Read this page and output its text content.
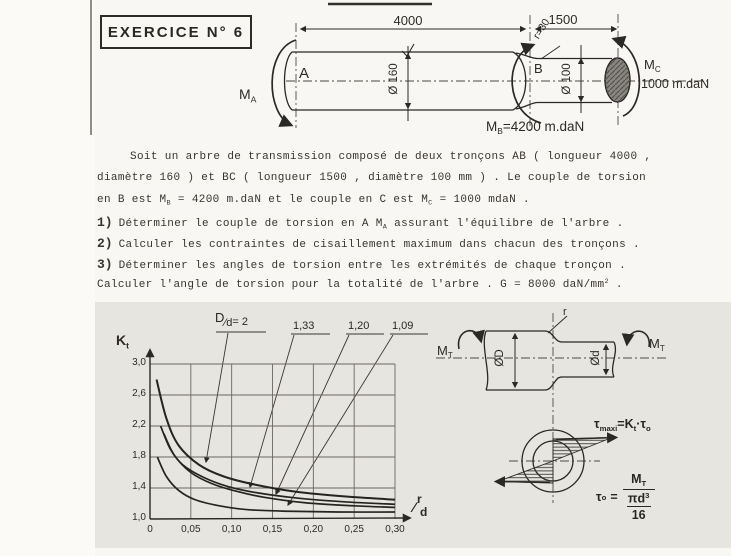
EXERCICE N° 6
4000	1500
r=30
A	B
$M_A$
$M_B=4200$ m.daN
$M_C$
1000 m.daN
Ø 160	Ø 100
Soit un arbre de transmission composé de deux tronçons AB ( longueur 4000 ,
diamètre 160 ) et BC ( longueur 1500 , diamètre 100 mm ) . Le couple de torsion
en B est $M_B = 4200$ m.daN et le couple en C est $M_C = 1000$ mdaN .
1) Déterminer le couple de torsion en A $M_A$ assurant l'équilibre de l'arbre .
2) Calculer les contraintes de cisaillement maximum dans chacun des tronçons .
3) Déterminer les angles de torsion entre les extrémités de chaque tronçon .
Calculer l'angle de torsion pour la totalité de l'arbre . G = 8000 daN/$mm^2$ .
$K_t$
D∕d= 2	1,33	1,20 1,09
r
∕ d
$M_T$
$M_T$
ØD	Ød
r
$\tau_{maxi}=K_t\cdot\tau_o$
τ o =
$M_T$
$\pi d^3$
16
0	0,05	0,10	0,15	0,20	0,25	0,30
1,0
1,4
1,8
2,2
2,6
3,0
